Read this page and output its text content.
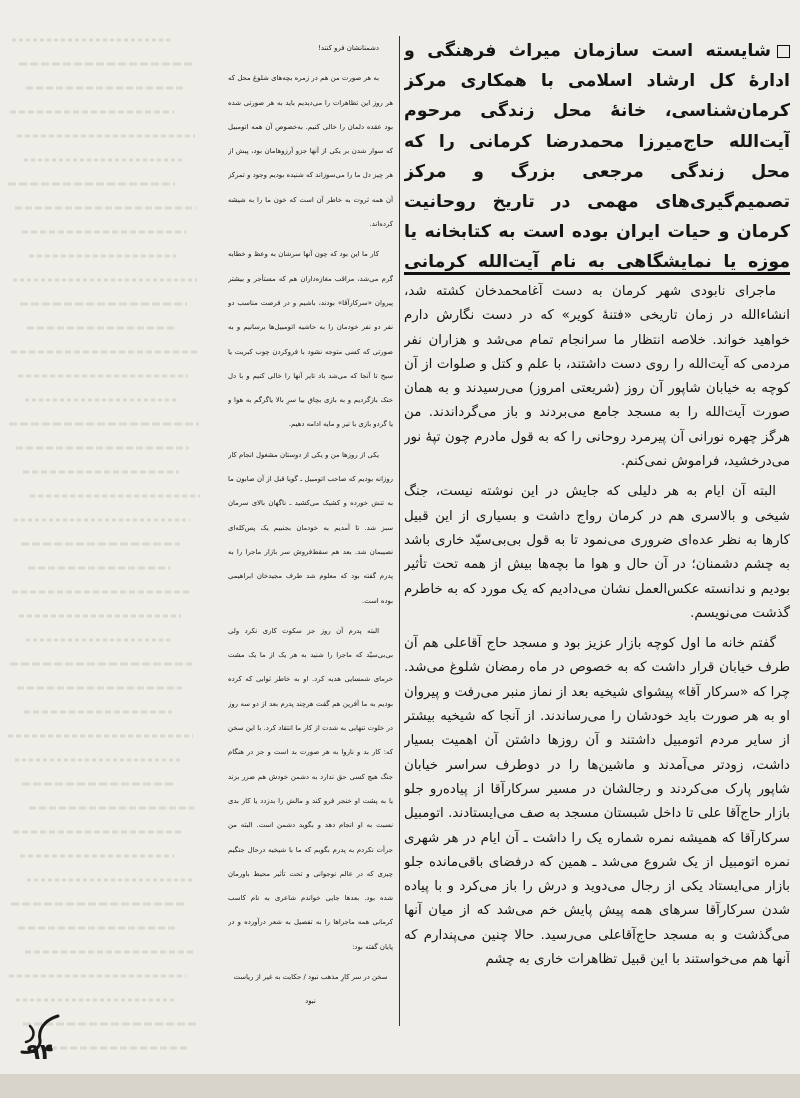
شایسته است سازمان میراث فرهنگی و ادارهٔ کل ارشاد اسلامی با همکاری مرکز کرمان‌شناسی، خانهٔ محل زندگی مرحوم آیت‌الله حاج‌میرزا محمدرضا کرمانی را که محل زندگی مرجعی بزرگ و مرکز تصمیم‌گیری‌های مهمی در تاریخ روحانیت کرمان و حیات ایران بوده است به کتابخانه یا موزه یا نمایشگاهی به نام آیت‌الله کرمانی

ماجرای نابودی شهر کرمان به دست آغامحمدخان کشته شد، انشاءالله در زمان تاریخی «فتنهٔ کویر» که در دست نگارش دارم خواهید خواند. خلاصه انتظار ما سرانجام تمام می‌شد و هزاران نفر مردمی که آیت‌الله را روی دست داشتند، با علم و کتل و صلوات از آن کوچه به خیابان شاپور آن روز (شریعتی امروز) می‌رسیدند و به همان صورت آیت‌الله را به مسجد جامع می‌بردند و باز می‌گرداندند. من هرگز چهره نورانی آن پیرمرد روحانی را که به قول مادرم چون تپهٔ نور می‌درخشید، فراموش نمی‌کنم.

البته آن ایام به هر دلیلی که جایش در این نوشته نیست، جنگ شیخی و بالاسری هم در کرمان رواج داشت و بسیاری از این قبیل کارها به نظر عده‌ای ضروری می‌نمود تا به قول بی‌بی‌سیّد خاری باشد به چشم دشمنان؛ در آن حال و هوا ما بچه‌ها بیش از همه تحت تأثیر بودیم و ندانسته عکس‌العمل نشان می‌دادیم که یک مورد که به خاطرم گذشت می‌نویسم.

گفتم خانه ما اول کوچه بازار عزیز بود و مسجد حاج آقاعلی هم آن طرف خیابان قرار داشت که به خصوص در ماه رمضان شلوغ می‌شد. چرا که «سرکار آقا» پیشوای شیخیه بعد از نماز منبر می‌رفت و پیروان او به هر صورت باید خودشان را می‌رساندند. از آنجا که شیخیه بیشتر از سایر مردم اتومبیل داشتند و آن روزها داشتن آن اهمیت بسیار داشت، زودتر می‌آمدند و ماشین‌ها را در دوطرف سراسر خیابان شاپور پارک می‌کردند و رجالشان در مسیر سرکارآقا از پیاده‌رو جلو بازار حاج‌آقا علی تا داخل شبستان مسجد به صف می‌ایستادند. اتومبیل سرکارآقا که همیشه نمره شماره یک را داشت ـ آن ایام در هر شهری نمره اتومبیل از یک شروع می‌شد ـ همین که درفضای باقی‌مانده جلو بازار می‌ایستاد یکی از رجال می‌دوید و درش را باز می‌کرد و با پیاده شدن سرکارآقا سرهای همه پیش پایش خم می‌شد که از میان آنها می‌گذشت و به مسجد حاج‌آقاعلی می‌رسید. حالا چنین می‌پندارم که آنها هم می‌خواستند با این قبیل تظاهرات خاری به چشم

دشمنانشان فرو کنند!

به هر صورت من هم در زمره بچه‌های شلوغ محل که هر روز این تظاهرات را می‌دیدیم باید به هر صورتی شده بود عقده دلمان را خالی کنیم. به‌خصوص آن همه اتومبیل که سوار شدن بر یکی از آنها جزو آرزوهامان بود، پیش از هر چیز دل ما را می‌سوزاند که شنیده بودیم وجود و تمرکز آن همه ثروت به خاطر آن است که خون ما را به شیشه کرده‌اند.

کار ما این بود که چون آنها سرشان به وعظ و خطابه گرم می‌شد، مراقب مغازه‌داران هم که مستأجر و بیشتر پیروان «سرکارآقا» بودند، باشیم و در فرصت مناسب دو نفر دو نفر خودمان را به حاشیه اتومبیل‌ها برسانیم و به صورتی که کسی متوجه نشود با فروکردن چوب کبریت یا سیخ تا آنجا که می‌شد باد تایر آنها را خالی کنیم و با دل خنک بازگردیم و به بازی بچاق بیا سرِ بالا یاگرگم به هوا و یا گردو بازی با تیر و مایه ادامه دهیم.

یکی از روزها من و یکی از دوستان مشغول انجام کار روزانه بودیم که صاحب اتومبیل ـ گویا قبل از آن صابون ما به تنش خورده و کشیک می‌کشید ـ ناگهان بالای سرمان سبز شد. تا آمدیم به خودمان بجنبیم یک پس‌کله‌ای نصیبمان شد. بعد هم سقط‌فروش سر بازار ماجرا را به پدرم گفته بود که معلوم شد طرف مجیدخان ابراهیمی بوده است.

البته پدرم آن روز جز سکوت کاری نکرد ولی بی‌بی‌سیّد که ماجرا را شنید به هر یک از ما یک مشت خرمای شمسایی هدیه کرد. او به خاطر ثوابی که کرده بودیم به ما آفرین هم گفت هرچند پدرم بعد از دو سه روز در خلوت تنهایی به شدت از کار ما انتقاد کرد. با این سخن که: کار بد و ناروا به هر صورت بد است و جز در هنگام جنگ هیچ کسی حق ندارد به دشمن خودش هم ضرر بزند یا به پشت او خنجر فرو کند و مالش را بدزدد یا کار بدی نسبت به او انجام دهد و بگوید دشمن است. البته من جرأت نکردم به پدرم بگویم که ما با شیخیه درحال جنگیم چیزی که در عالم نوجوانی و تحت تأثیر محیط باورمان شده بود. بعدها جایی خواندم شاعری به نام کاسب کرمانی همه ماجراها را به تفصیل به شعر درآورده و در پایان گفته بود:

سخن در سر کارِ مذهب نبود / حکایت به غیر از ریاست نبود

۹۴
